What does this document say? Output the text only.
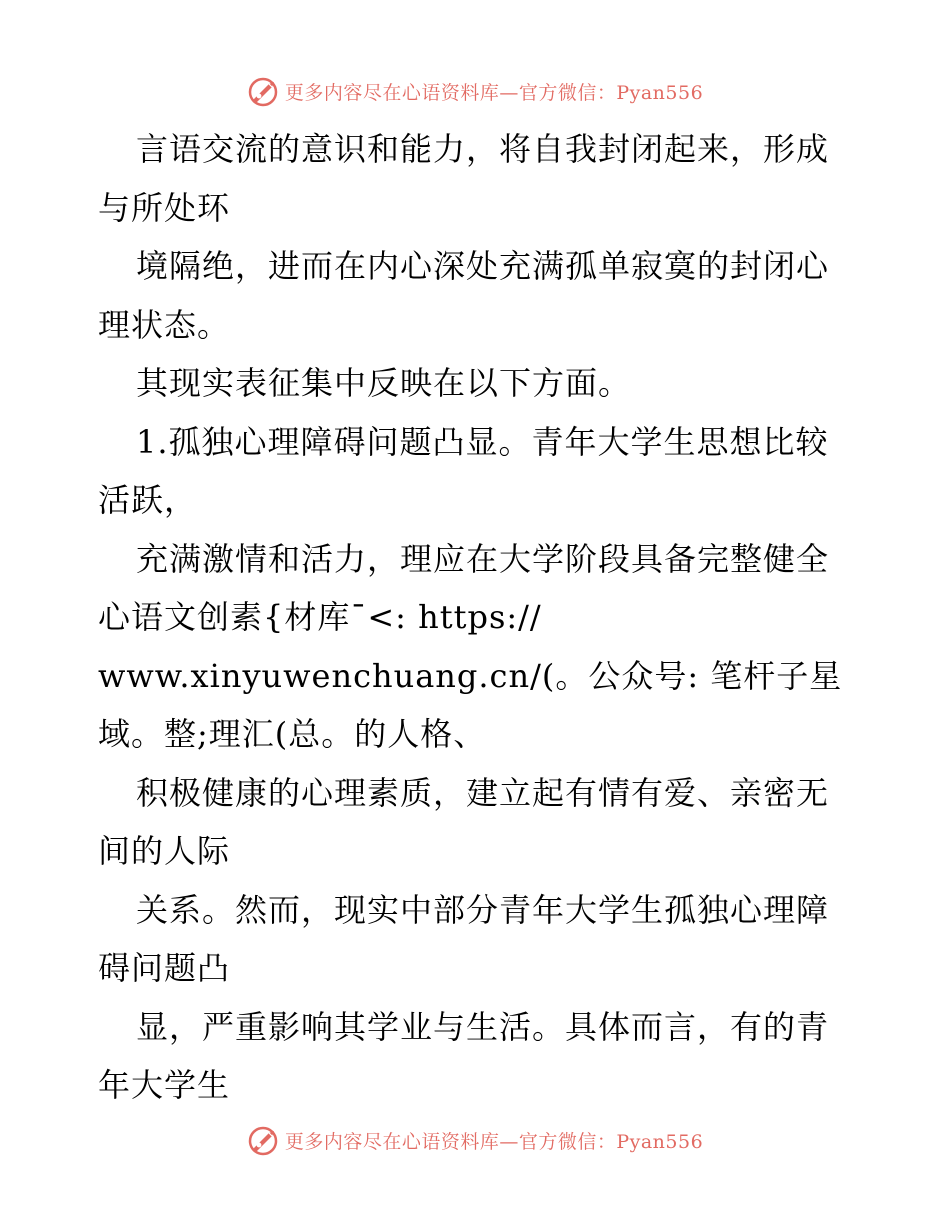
更多内容尽在心语资料库—官方微信：Pyan556
言语交流的意识和能力，将自我封闭起来，形成
与所处环
境隔绝，进而在内心深处充满孤单寂寞的封闭心
理状态。
其现实表征集中反映在以下方面。
1.孤独心理障碍问题凸显。青年大学生思想比较
活跃，
充满激情和活力，理应在大学阶段具备完整健全
心语文创素{材库¯<: https://
www.xinyuwenchuang.cn/(。公众号: 笔杆子星
域。整;理汇(总。的人格、
积极健康的心理素质，建立起有情有爱、亲密无
间的人际
关系。然而，现实中部分青年大学生孤独心理障
碍问题凸
显，严重影响其学业与生活。具体而言，有的青
年大学生
更多内容尽在心语资料库—官方微信：Pyan556
